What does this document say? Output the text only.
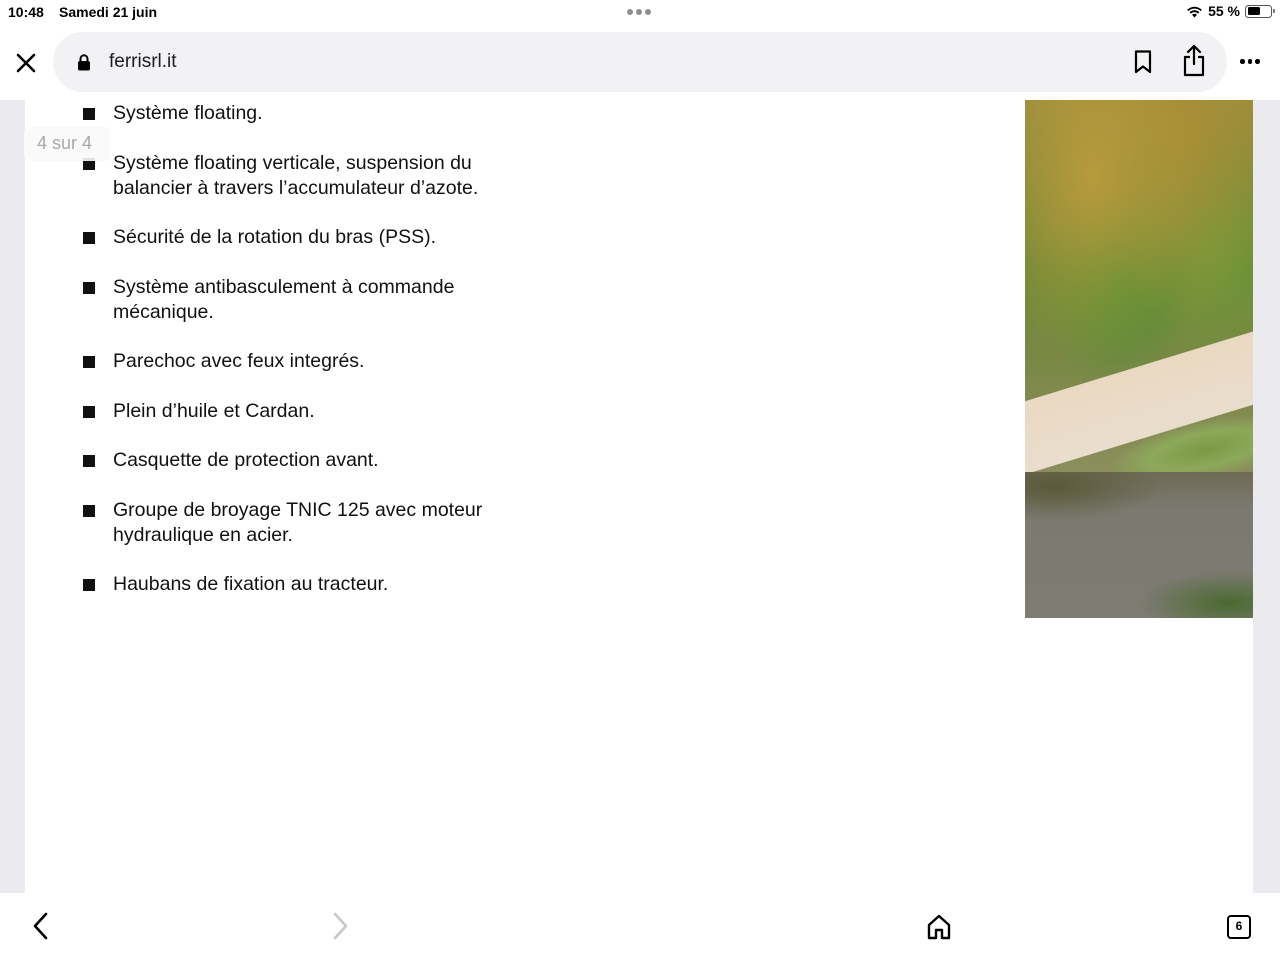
10:48 Samedi 21 juin	55 %
ferrisrl.it
4 sur 4
Système floating.
Système floating verticale, suspension du balancier à travers l’accumulateur d’azote.
Sécurité de la rotation du bras (PSS).
Système antibasculement à commande mécanique.
Parechoc avec feux integrés.
Plein d’huile et Cardan.
Casquette de protection avant.
Groupe de broyage TNIC 125 avec moteur hydraulique en acier.
Haubans de fixation au tracteur.
6
